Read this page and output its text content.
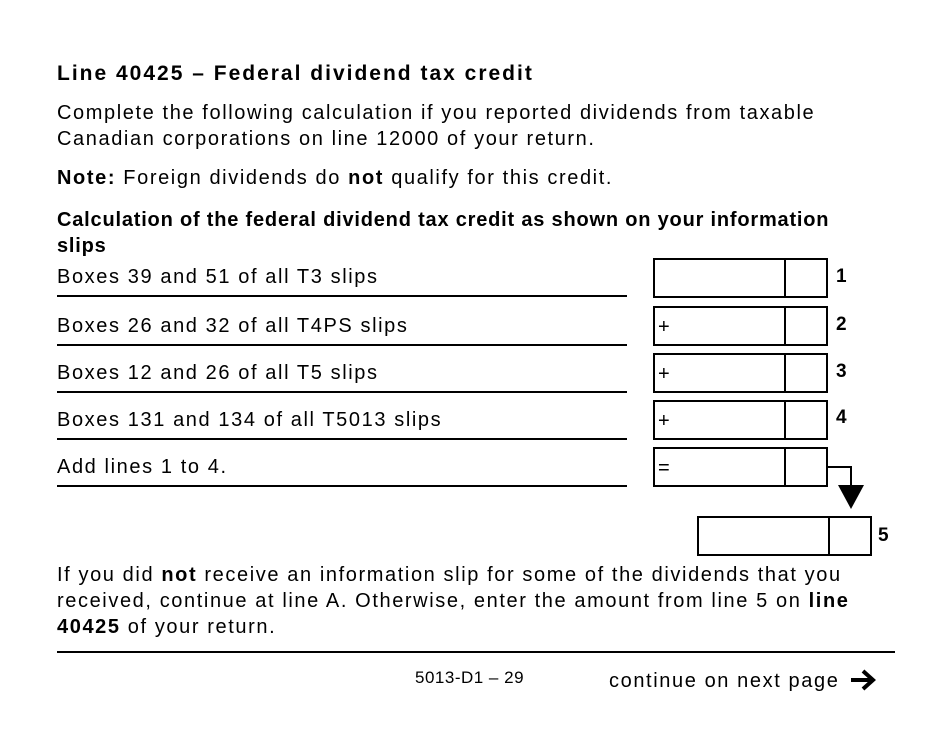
Line 40425 – Federal dividend tax credit
Complete the following calculation if you reported dividends from taxable Canadian corporations on line 12000 of your return.
Note: Foreign dividends do not qualify for this credit.
Calculation of the federal dividend tax credit as shown on your information slips
Boxes 39 and 51 of all T3 slips	1
Boxes 26 and 32 of all T4PS slips	+	2
Boxes 12 and 26 of all T5 slips	+	3
Boxes 131 and 134 of all T5013 slips	+	4
Add lines 1 to 4.	=
5
If you did not receive an information slip for some of the dividends that you received, continue at line A. Otherwise, enter the amount from line 5 on line 40425 of your return.
5013-D1 – 29	continue on next page
